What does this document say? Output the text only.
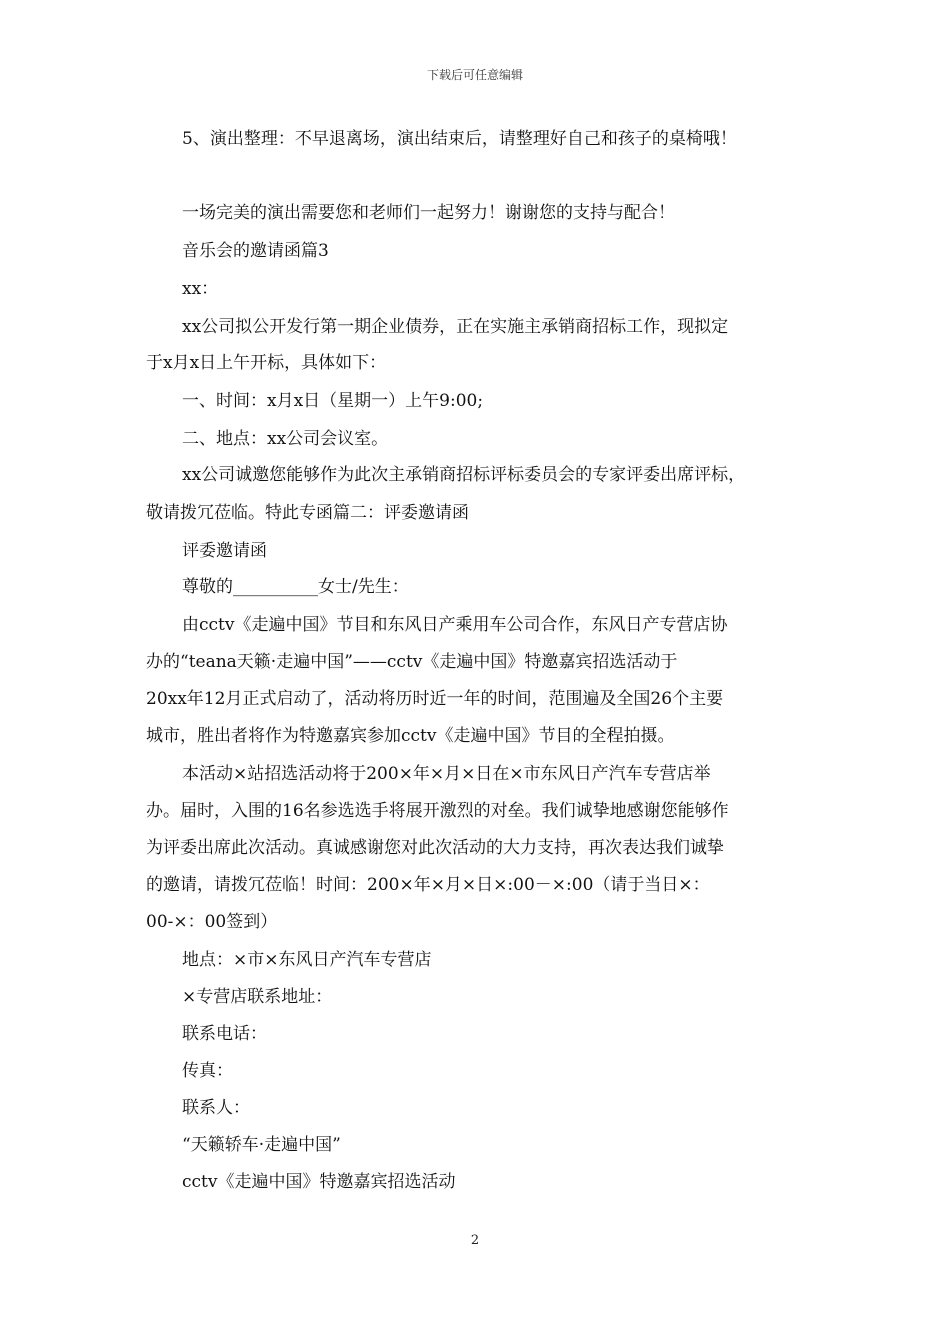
下载后可任意编辑
5、演出整理：不早退离场，演出结束后，请整理好自己和孩子的桌椅哦！
一场完美的演出需要您和老师们一起努力！谢谢您的支持与配合！
音乐会的邀请函篇3
xx：
xx公司拟公开发行第一期企业债券，正在实施主承销商招标工作，现拟定
于x月x日上午开标，具体如下：
一、时间：x月x日（星期一）上午9:00;
二、地点：xx公司会议室。
xx公司诚邀您能够作为此次主承销商招标评标委员会的专家评委出席评标，
敬请拨冗莅临。特此专函篇二：评委邀请函
评委邀请函
尊敬的__________女士/先生：
由cctv《走遍中国》节目和东风日产乘用车公司合作，东风日产专营店协
办的“teana天籁·走遍中国”——cctv《走遍中国》特邀嘉宾招选活动于
20xx年12月正式启动了，活动将历时近一年的时间，范围遍及全国26个主要
城市，胜出者将作为特邀嘉宾参加cctv《走遍中国》节目的全程拍摄。
本活动×站招选活动将于200×年×月×日在×市东风日产汽车专营店举
办。届时，入围的16名参选选手将展开激烈的对垒。我们诚挚地感谢您能够作
为评委出席此次活动。真诚感谢您对此次活动的大力支持，再次表达我们诚挚
的邀请，请拨冗莅临！时间：200×年×月×日×:00－×:00（请于当日×：
00-×：00签到）
地点：×市×东风日产汽车专营店
×专营店联系地址：
联系电话：
传真：
联系人：
“天籁轿车·走遍中国”
cctv《走遍中国》特邀嘉宾招选活动
2
